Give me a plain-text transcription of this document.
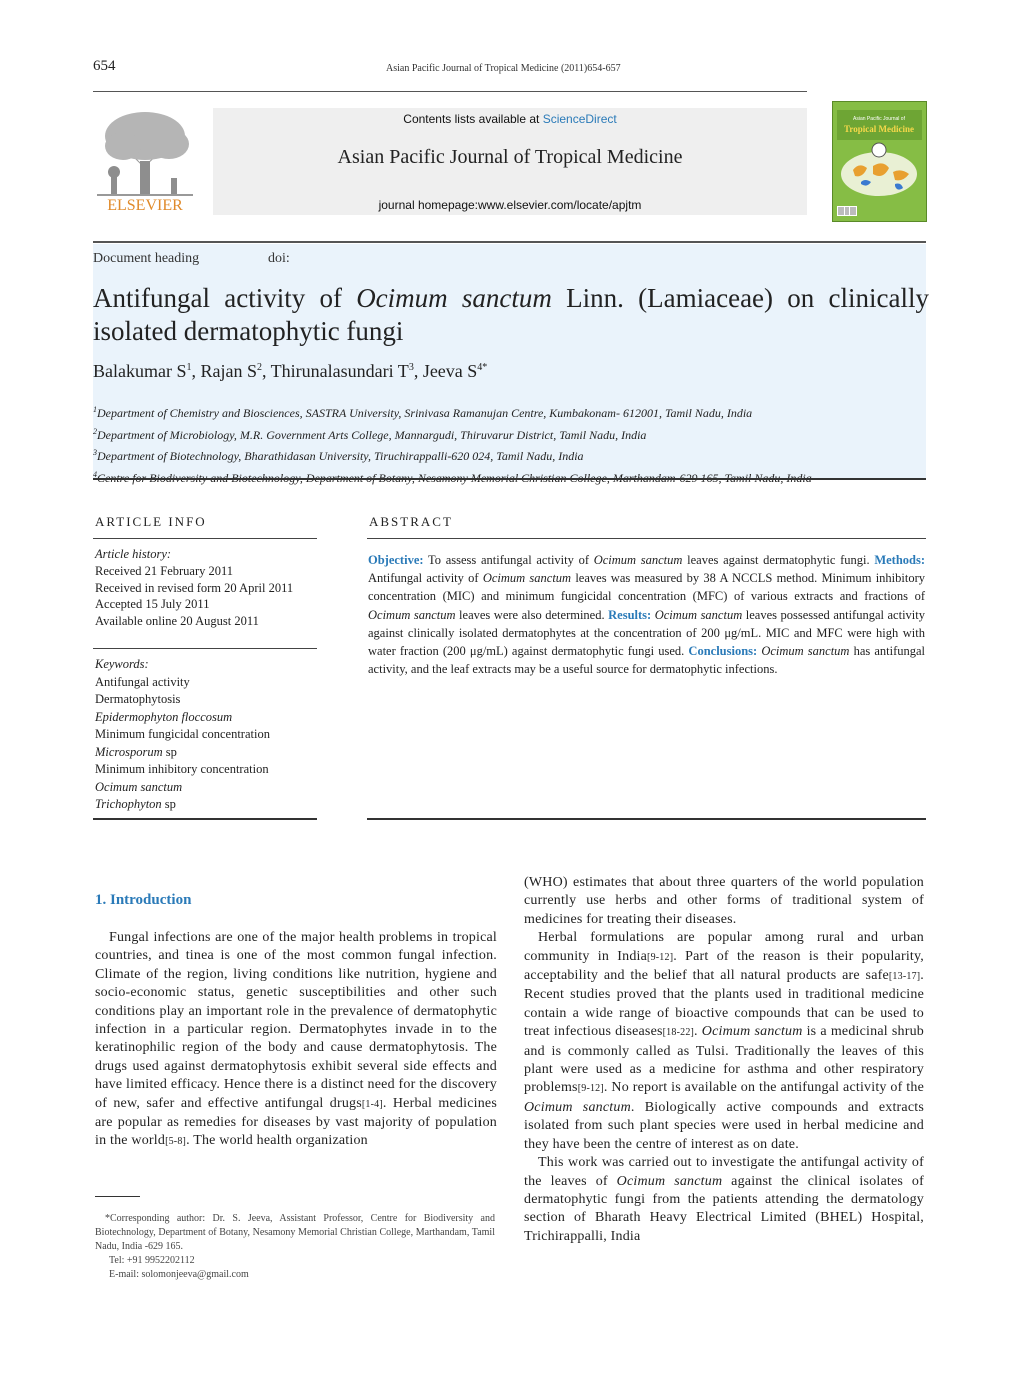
654	Asian Pacific Journal of Tropical Medicine (2011)654-657
ELSEVIER
Contents lists available at ScienceDirect
Asian Pacific Journal of Tropical Medicine
journal homepage:www.elsevier.com/locate/apjtm
Asian Pacific Journal of
Tropical Medicine
Document heading	doi:
Antifungal activity of Ocimum sanctum Linn. (Lamiaceae) on clinically isolated dermatophytic fungi
Balakumar $S^1$, Rajan $S^2$, Thirunalasundari $T^3$, Jeeva $S^{4*}$
$^1$Department of Chemistry and Biosciences, SASTRA University, Srinivasa Ramanujan Centre, Kumbakonam- 612001, Tamil Nadu, India
$^2$Department of Microbiology, M.R. Government Arts College, Mannargudi, Thiruvarur District, Tamil Nadu, India
$^3$Department of Biotechnology, Bharathidasan University, Tiruchirappalli-620 024, Tamil Nadu, India
$^4$
ARTICLE INFO
Article history:
Received 21 February 2011
Received in revised form 20 April 2011
Accepted 15 July 2011
Available online 20 August 2011
Keywords:
Antifungal activity
Dermatophytosis
Epidermophyton floccosum
Minimum fungicidal concentration
Microsporum sp
Minimum inhibitory concentration
Ocimum sanctum
Trichophyton sp
ABSTRACT
Objective: To assess antifungal activity of Ocimum sanctum leaves against dermatophytic fungi. Methods: Antifungal activity of Ocimum sanctum leaves was measured by 38 A NCCLS method. Minimum inhibitory concentration (MIC) and minimum fungicidal concentration (MFC) of various extracts and fractions of Ocimum sanctum leaves were also determined. Results: Ocimum sanctum leaves possessed antifungal activity against clinically isolated dermatophytes at the concentration of 200 μg/mL. MIC and MFC were high with water fraction (200 μg/mL) against dermatophytic fungi used. Conclusions: Ocimum sanctum has antifungal activity, and the leaf extracts may be a useful source for dermatophytic infections.
1. Introduction

Fungal infections are one of the major health problems in tropical countries, and tinea is one of the most common fungal infection. Climate of the region, living conditions like nutrition, hygiene and socio-economic status, genetic susceptibilities and other such conditions play an important role in the prevalence of dermatophytic infection in a particular region. Dermatophytes invade in to the keratinophilic region of the body and cause dermatophytosis. The drugs used against dermatophytosis exhibit several side effects and have limited efficacy. Hence there is a distinct need for the discovery of new, safer and effective antifungal drugs[1-4]. Herbal medicines are popular as remedies for diseases by vast majority of population in the world[5-8]. The world health organization

(WHO) estimates that about three quarters of the world population currently use herbs and other forms of traditional system of medicines for treating their diseases.

Herbal formulations are popular among rural and urban community in India[9-12]. Part of the reason is their popularity, acceptability and the belief that all natural products are safe[13-17]. Recent studies proved that the plants used in traditional medicine contain a wide range of bioactive compounds that can be used to treat infectious diseases[18-22]. Ocimum sanctum is a medicinal shrub and is commonly called as Tulsi. Traditionally the leaves of this plant were used as a medicine for asthma and other respiratory problems[9-12]. No report is available on the antifungal activity of the Ocimum sanctum. Biologically active compounds and extracts isolated from such plant species were used in herbal medicine and they have been the centre of interest as on date.

This work was carried out to investigate the antifungal activity of the leaves of Ocimum sanctum against the clinical isolates of dermatophytic fungi from the patients attending the dermatology section of Bharath Heavy Electrical Limited (BHEL) Hospital, Trichirappalli, India

*Corresponding author: Dr. S. Jeeva, Assistant Professor, Centre for Biodiversity and Biotechnology, Department of Botany, Nesamony Memorial Christian College, Marthandam, Tamil Nadu, India -629 165.
Tel: +91 9952202112
E-mail: solomonjeeva@gmail.com
